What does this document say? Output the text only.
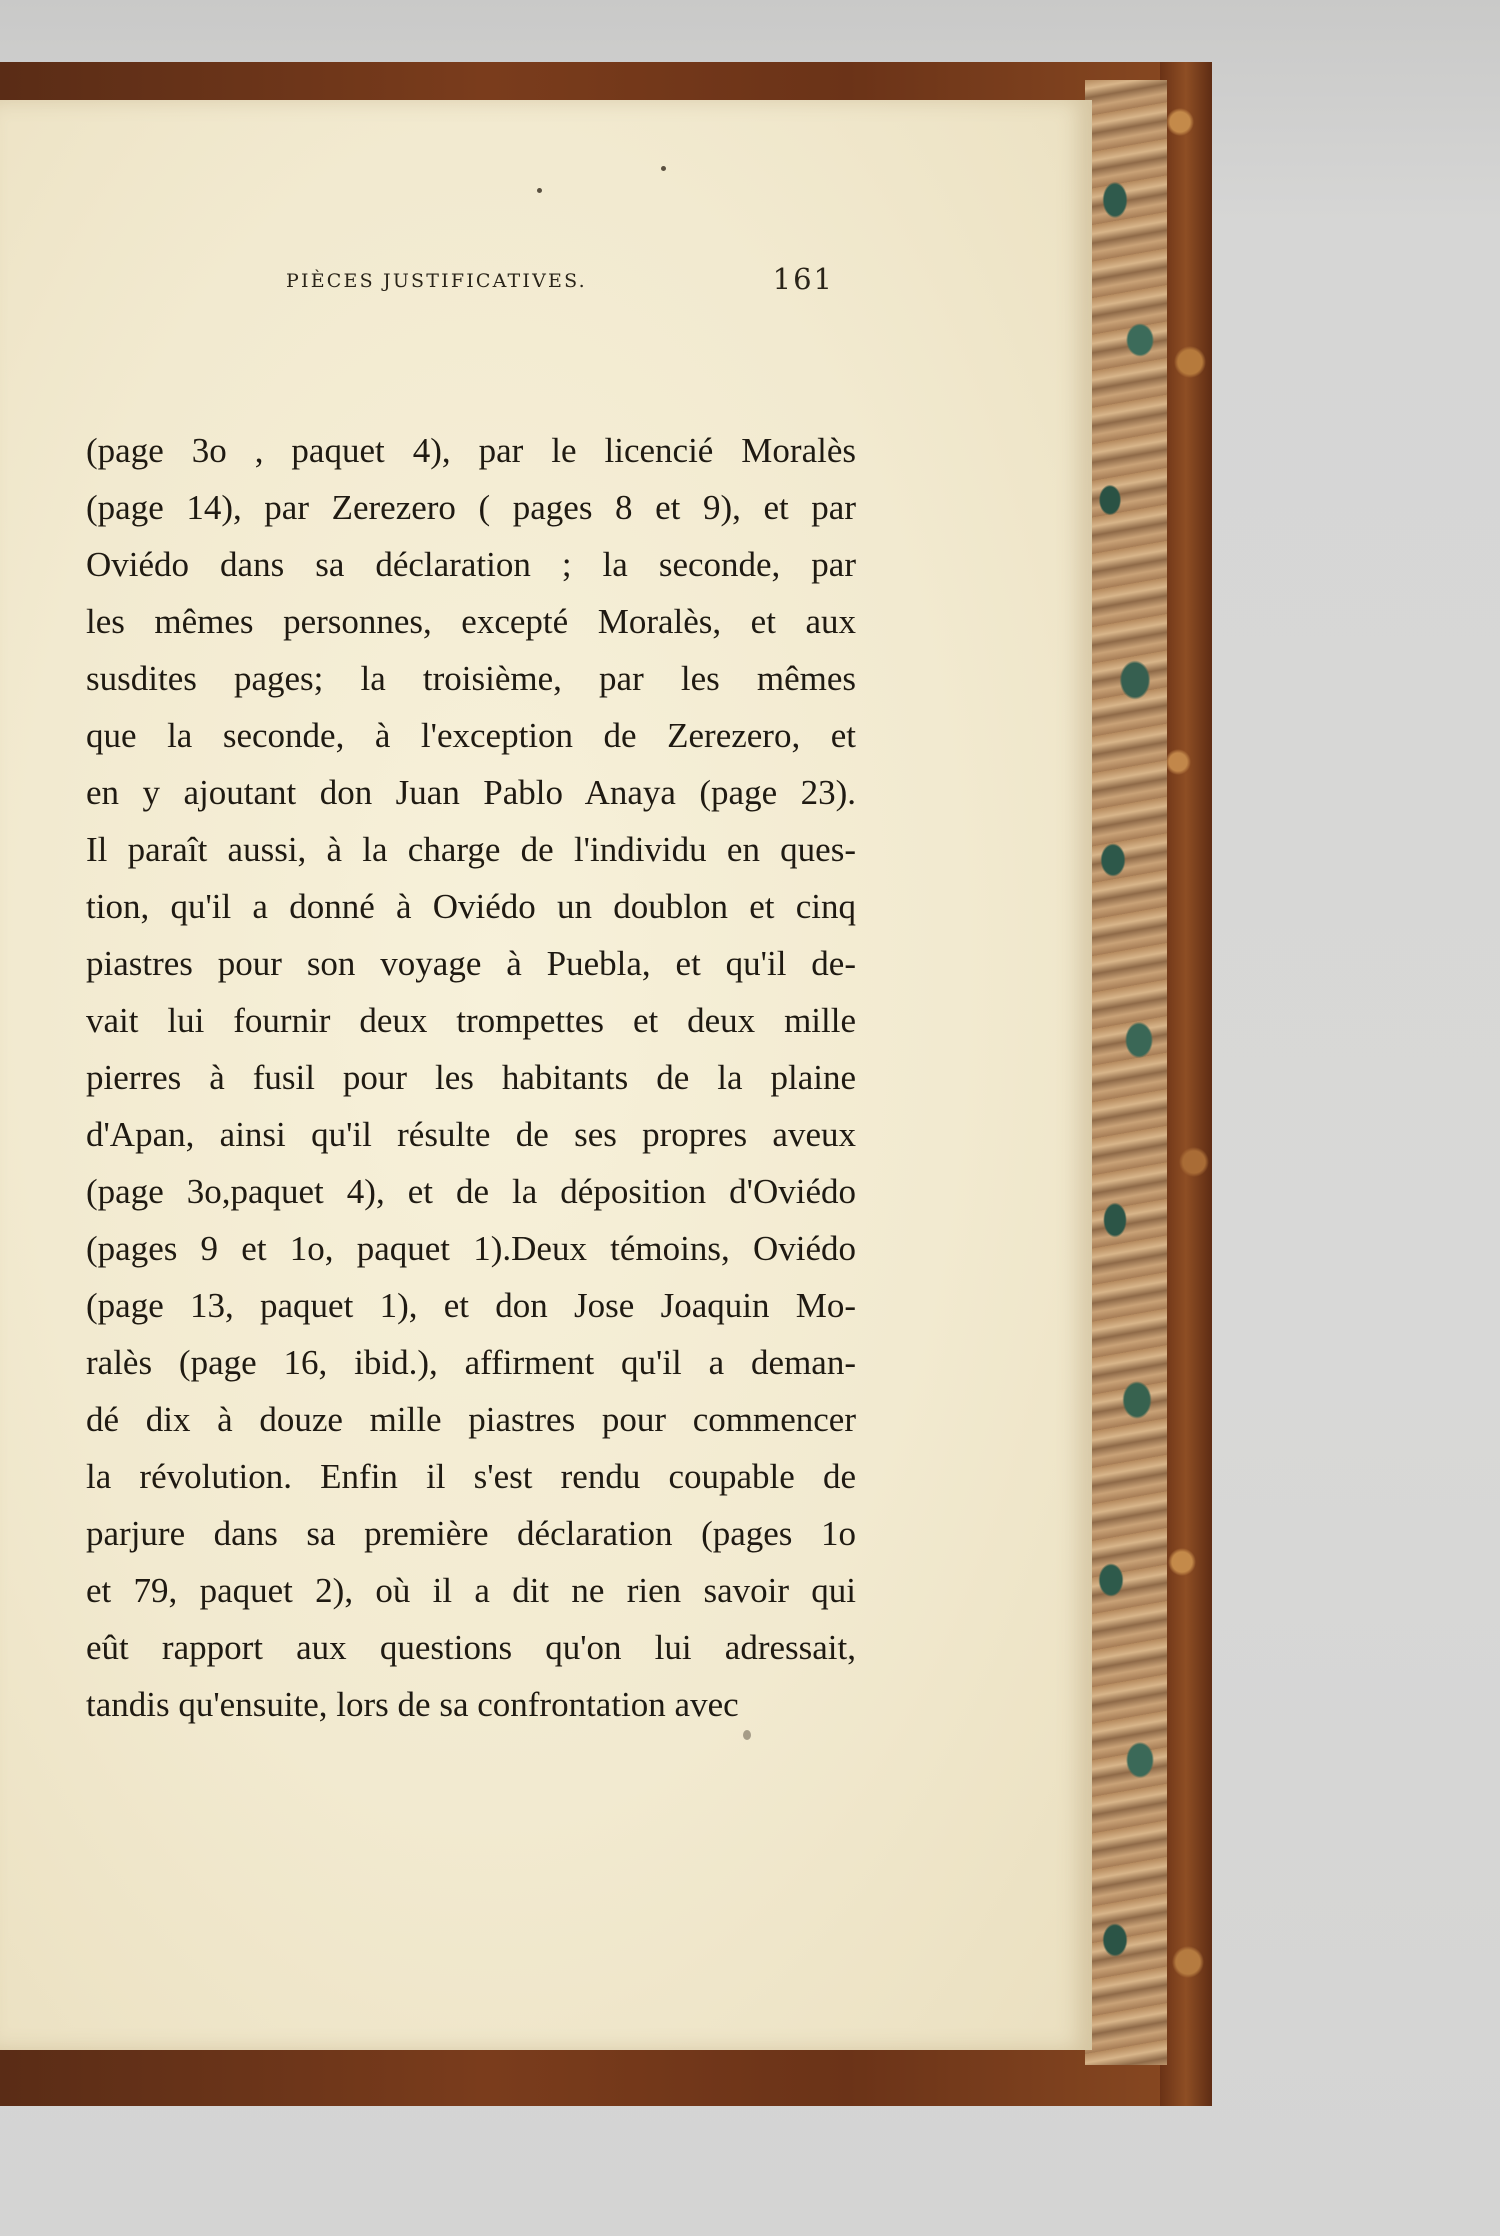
PIÈCES JUSTIFICATIVES.	161
(page 3o , paquet 4), par le licencié Moralès
(page 14), par Zerezero ( pages 8 et 9), et par
Oviédo dans sa déclaration ; la seconde, par
les mêmes personnes, excepté Moralès, et aux
susdites pages; la troisième, par les mêmes
que la seconde, à l'exception de Zerezero, et
en y ajoutant don Juan Pablo Anaya (page 23).
Il paraît aussi, à la charge de l'individu en ques-
tion, qu'il a donné à Oviédo un doublon et cinq
piastres pour son voyage à Puebla, et qu'il de-
vait lui fournir deux trompettes et deux mille
pierres à fusil pour les habitants de la plaine
d'Apan, ainsi qu'il résulte de ses propres aveux
(page 3o,paquet 4), et de la déposition d'Oviédo
(pages 9 et 1o, paquet 1).Deux témoins, Oviédo
(page 13, paquet 1), et don Jose Joaquin Mo-
ralès (page 16, ibid.), affirment qu'il a deman-
dé dix à douze mille piastres pour commencer
la révolution. Enfin il s'est rendu coupable de
parjure dans sa première déclaration (pages 1o
et 79, paquet 2), où il a dit ne rien savoir qui
eût rapport aux questions qu'on lui adressait,
tandis qu'ensuite, lors de sa confrontation avec
